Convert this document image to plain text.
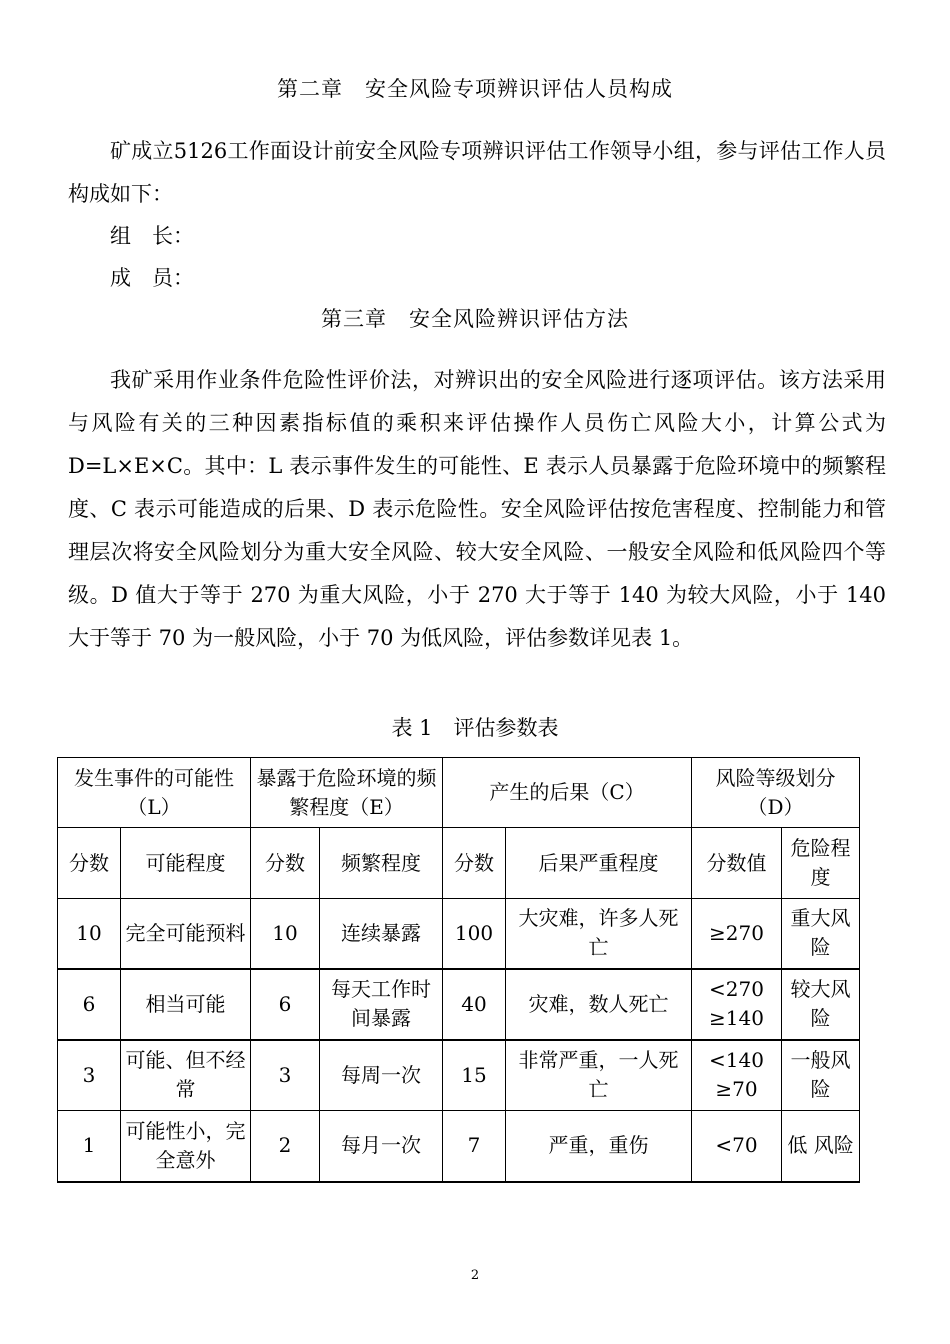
第二章　安全风险专项辨识评估人员构成

矿成立5126工作面设计前安全风险专项辨识评估工作领导小组，参与评估工作人员构成如下：

组　长：
成　员：
第三章　安全风险辨识评估方法

我矿采用作业条件危险性评价法，对辨识出的安全风险进行逐项评估。该方法采用与风险有关的三种因素指标值的乘积来评估操作人员伤亡风险大小，计算公式为 D=L×E×C。其中：L 表示事件发生的可能性、E 表示人员暴露于危险环境中的频繁程度、C 表示可能造成的后果、D 表示危险性。安全风险评估按危害程度、控制能力和管理层次将安全风险划分为重大安全风险、较大安全风险、一般安全风险和低风险四个等级。D 值大于等于 270 为重大风险，小于 270 大于等于 140 为较大风险，小于 140 大于等于 70 为一般风险，小于 70 为低风险，评估参数详见表 1。

表 1　评估参数表
发生事件的可能性（L）		暴露于危险环境的频繁程度（E）		产生的后果（C）		风险等级划分（D）	
分数	可能程度	分数	频繁程度	分数	后果严重程度	分数值	危险程度
10	完全可能预料	10	连续暴露	100	大灾难，许多人死亡	≥270	重大风险
6	相当可能	6	每天工作时间暴露	40	灾难，数人死亡	<270 ≥140	较大风险
3	可能、但不经常	3	每周一次	15	非常严重，一人死亡	<140 ≥70	一般风险
1	可能性小，完全意外	2	每月一次	7	严重，重伤	<70	低 风险
2
